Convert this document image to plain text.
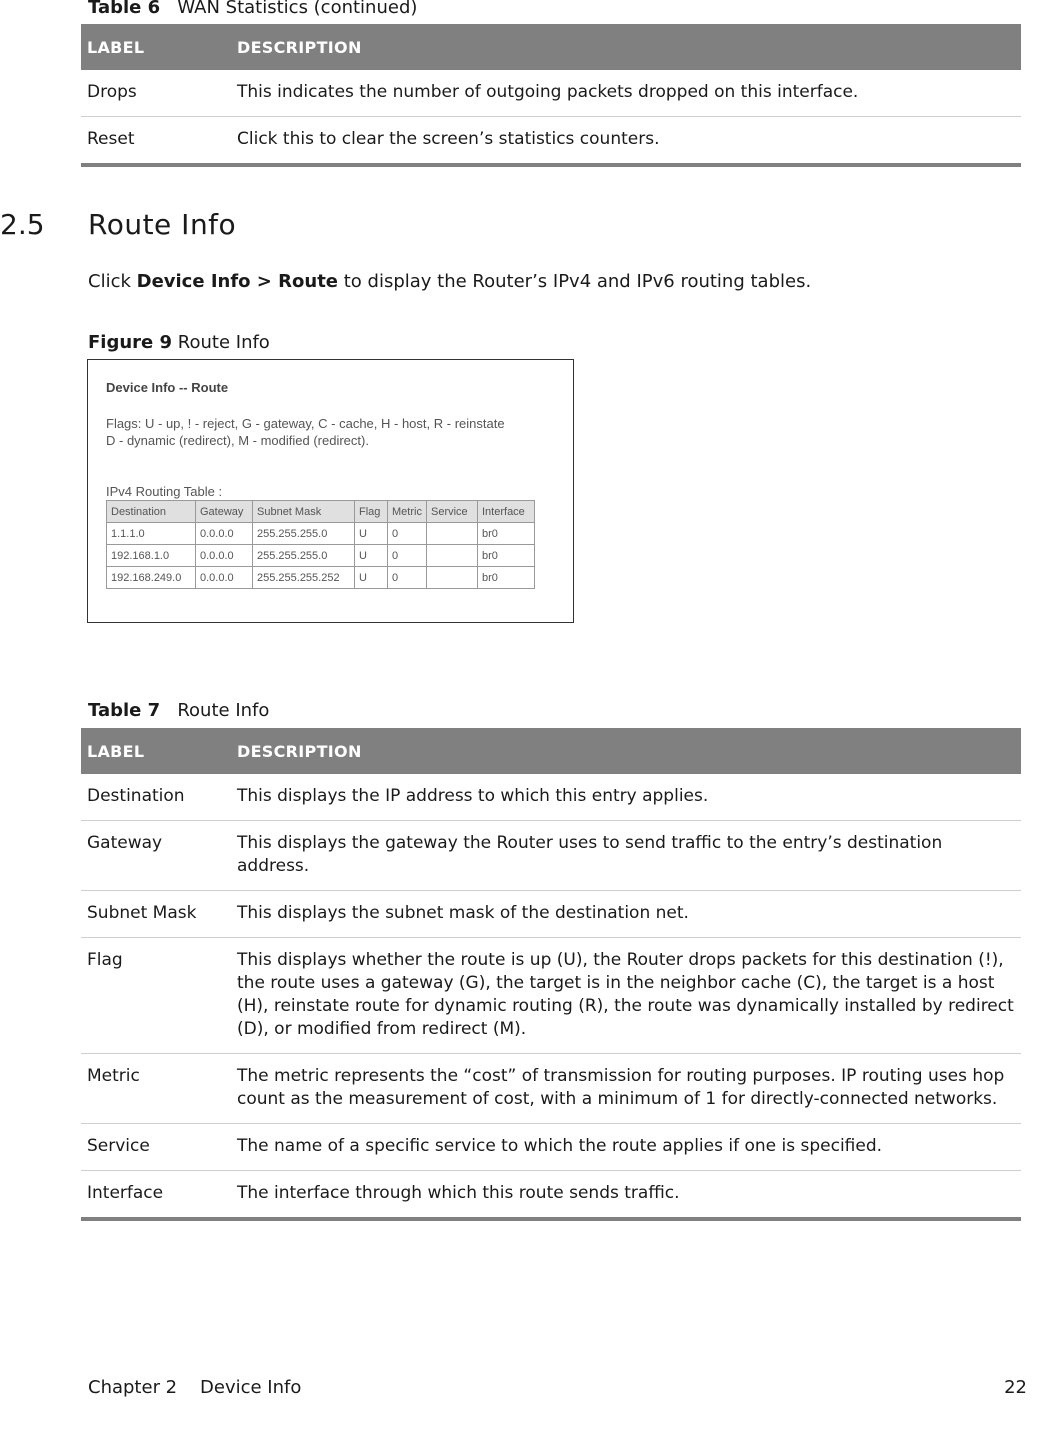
Table 6 WAN Statistics (continued)
LABEL	DESCRIPTION
Drops	This indicates the number of outgoing packets dropped on this interface.
Reset	Click this to clear the screen’s statistics counters.
2.5 Route Info
Click Device Info > Route to display the Router’s IPv4 and IPv6 routing tables.
Figure 9 Route Info
Device Info -- Route
Flags: U - up, ! - reject, G - gateway, C - cache, H - host, R - reinstate
D - dynamic (redirect), M - modified (redirect).
IPv4 Routing Table :
Destination	Gateway	Subnet Mask	Flag	Metric	Service	Interface
1.1.1.0	0.0.0.0	255.255.255.0	U	0		br0
192.168.1.0	0.0.0.0	255.255.255.0	U	0		br0
192.168.249.0	0.0.0.0	255.255.255.252	U	0		br0
Table 7 Route Info
LABEL	DESCRIPTION
Destination	This displays the IP address to which this entry applies.
Gateway	This displays the gateway the Router uses to send traffic to the entry’s destination address.
Subnet Mask	This displays the subnet mask of the destination net.
Flag	This displays whether the route is up (U), the Router drops packets for this destination (!), the route uses a gateway (G), the target is in the neighbor cache (C), the target is a host (H), reinstate route for dynamic routing (R), the route was dynamically installed by redirect (D), or modified from redirect (M).
Metric	The metric represents the “cost” of transmission for routing purposes. IP routing uses hop count as the measurement of cost, with a minimum of 1 for directly-connected networks.
Service	The name of a specific service to which the route applies if one is specified.
Interface	The interface through which this route sends traffic.
Chapter 2 Device Info	22
